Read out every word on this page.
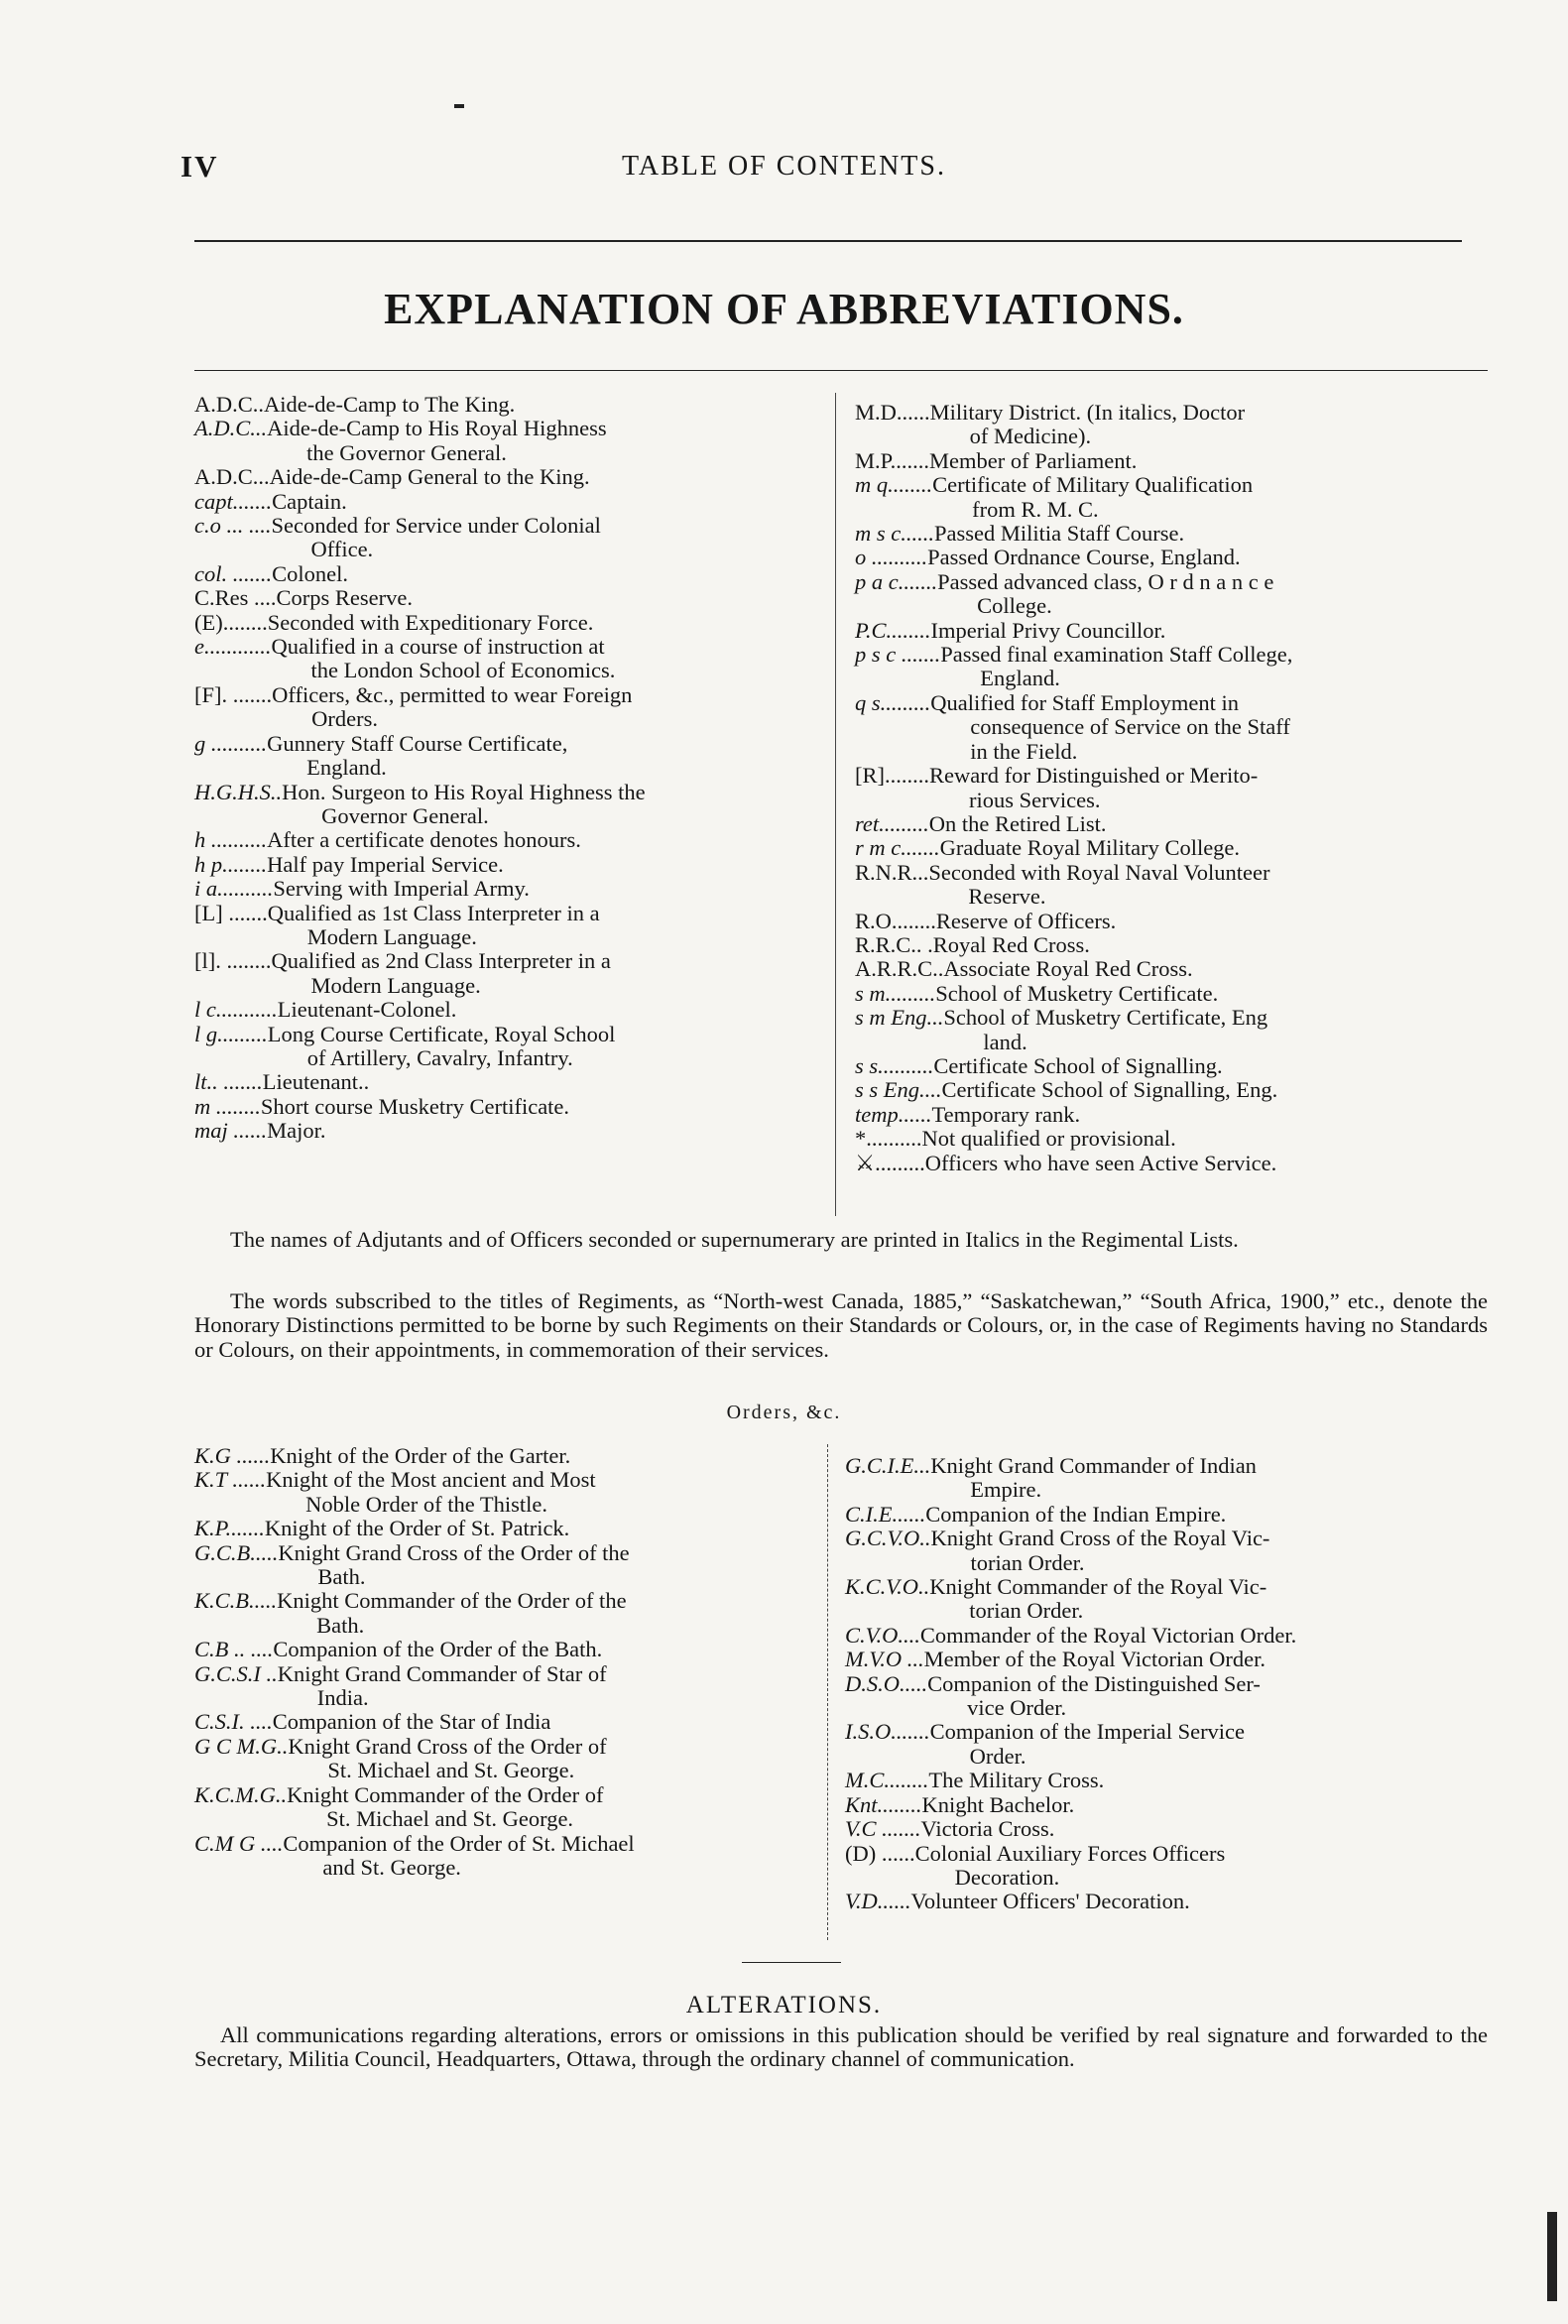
IV	TABLE OF CONTENTS.
EXPLANATION OF ABBREVIATIONS.
A.D.C.. Aide-de-Camp to The King.
A.D.C... Aide-de-Camp to His Royal Highness
the Governor General.
A.D.C... Aide-de-Camp General to the King.
capt....... Captain.
c.o ... .... Seconded for Service under Colonial
Office.
col. ....... Colonel.
C.Res .... Corps Reserve.
(E)........ Seconded with Expeditionary Force.
e............ Qualified in a course of instruction at
the London School of Economics.
[F]. ....... Officers, &c., permitted to wear Foreign
Orders.
g .......... Gunnery Staff Course Certificate,
England.
H.G.H.S.. Hon. Surgeon to His Royal Highness the
Governor General.
h .......... After a certificate denotes honours.
h p........ Half pay Imperial Service.
i a.......... Serving with Imperial Army.
[L] ....... Qualified as 1st Class Interpreter in a
Modern Language.
[l]. ........ Qualified as 2nd Class Interpreter in a
Modern Language.
l c........... Lieutenant-Colonel.
l g......... Long Course Certificate, Royal School
of Artillery, Cavalry, Infantry.
lt.. ....... Lieutenant..
m ........ Short course Musketry Certificate.
maj ...... Major.
M.D...... Military District. (In italics, Doctor
of Medicine).
M.P....... Member of Parliament.
m q........ Certificate of Military Qualification
from R. M. C.
m s c...... Passed Militia Staff Course.
o .......... Passed Ordnance Course, England.
p a c....... Passed advanced class, O r d n a n c e
College.
P.C........ Imperial Privy Councillor.
p s c ....... Passed final examination Staff College,
England.
q s......... Qualified for Staff Employment in
consequence of Service on the Staff
in the Field.
[R]........ Reward for Distinguished or Merito-
rious Services.
ret......... On the Retired List.
r m c....... Graduate Royal Military College.
R.N.R... Seconded with Royal Naval Volunteer
Reserve.
R.O........ Reserve of Officers.
R.R.C.. . Royal Red Cross.
A.R.R.C.. Associate Royal Red Cross.
s m......... School of Musketry Certificate.
s m Eng... School of Musketry Certificate, Eng
land.
s s.......... Certificate School of Signalling.
s s Eng.... Certificate School of Signalling, Eng.
temp...... Temporary rank.
*.......... Not qualified or provisional.
⚔......... Officers who have seen Active Service.
The names of Adjutants and of Officers seconded or supernumerary are printed in Italics in the Regimental Lists.
The words subscribed to the titles of Regiments, as “North-west Canada, 1885,” “Saskatchewan,” “South Africa, 1900,” etc., denote the Honorary Distinctions permitted to be borne by such Regiments on their Standards or Colours, or, in the case of Regiments having no Standards or Colours, on their appointments, in commemoration of their services.
Orders, &c.
K.G ...... Knight of the Order of the Garter.
K.T ...... Knight of the Most ancient and Most
Noble Order of the Thistle.
K.P....... Knight of the Order of St. Patrick.
G.C.B..... Knight Grand Cross of the Order of the
Bath.
K.C.B..... Knight Commander of the Order of the
Bath.
C.B .. .... Companion of the Order of the Bath.
G.C.S.I .. Knight Grand Commander of Star of
India.
C.S.I. .... Companion of the Star of India
G C M.G.. Knight Grand Cross of the Order of
St. Michael and St. George.
K.C.M.G.. Knight Commander of the Order of
St. Michael and St. George.
C.M G .... Companion of the Order of St. Michael
and St. George.
G.C.I.E... Knight Grand Commander of Indian
Empire.
C.I.E...... Companion of the Indian Empire.
G.C.V.O.. Knight Grand Cross of the Royal Vic-
torian Order.
K.C.V.O.. Knight Commander of the Royal Vic-
torian Order.
C.V.O.... Commander of the Royal Victorian Order.
M.V.O ... Member of the Royal Victorian Order.
D.S.O..... Companion of the Distinguished Ser-
vice Order.
I.S.O....... Companion of the Imperial Service
Order.
M.C........ The Military Cross.
Knt........ Knight Bachelor.
V.C ....... Victoria Cross.
(D) ...... Colonial Auxiliary Forces Officers
Decoration.
V.D...... Volunteer Officers' Decoration.
ALTERATIONS.
All communications regarding alterations, errors or omissions in this publication should be verified by real signature and forwarded to the Secretary, Militia Council, Headquarters, Ottawa, through the ordinary channel of communication.
